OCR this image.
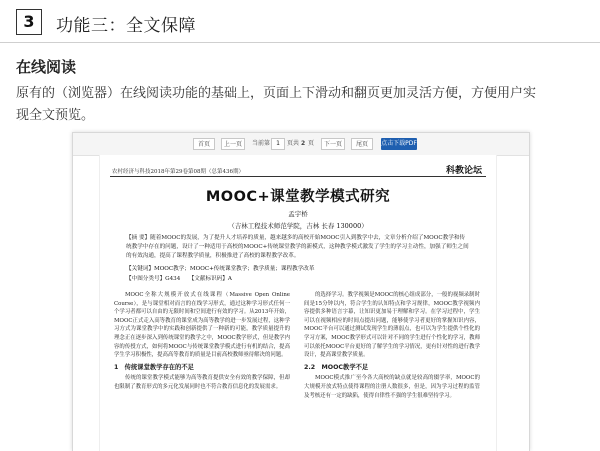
3	功能三：全文保障
在线阅读
原有的（浏览器）在线阅读功能的基础上，页面上下滑动和翻页更加灵活方便，方便用户实现全文预览。
首页	上一页	当前第	1	页共 2 页	下一页	尾页	点击下载PDF
农村经济与科技2018年第29卷第08期（总第436期）	科教论坛
MOOC+课堂教学模式研究
孟宇桥
（吉林工程技术师范学院，吉林 长春 130000）
【摘 要】随着MOOC的发展，为了提升人才培养的质量，越来越多的高校开始MOOC引入到教学中去，文章分析介绍了MOOC教学和传统教学中存在的问题，设计了一种适用于高校的MOOC+传统课堂教学的新模式，这种教学模式激发了学生的学习主动性，加强了师生之间的有效沟通，提高了课程教学质量，积极推进了高校的课程教学改革。
【关键词】MOOC教学；MOOC+传统课堂教学；教学质量；课程教学改革
【中图分类号】G434　　【文献标识码】A

MOOC全称大规模开放式在线课程（Massive Open Online Course），是与课堂相对而言的在线学习形式，通过这种学习形式任何一个学习者都可以自由的无限时间和空间进行有效的学习。从2013年开始，MOOC正式走入高等教育的课堂成为高等教学的进一步发展过程，这种学习方式为课堂教学中的实践和创新提供了一种新的可能，教学质量提升的理念正在逐步深入到传统课堂的教学之中，MOOC教学形式，但是教学内容的传授方式，如何将MOOC与传统课堂教学模式进行有机的结合，提高学生学习积极性，提高高等教育的质量是目前高校教师亟待解决的问题。

1　传统课堂教学存在的不足

传统的课堂教学模式能够为高等教育提供安全有效的教学保障，但却也限制了教育形式的多元化发展同时也不符合教育信息化的发展需求。

的选择学习。教学视频是MOOC的核心组成部分，一般的视频录制时间是15分钟以内，符合学生的认知特点和学习规律，MOOC教学视频内容提供多种语言字幕，让知识更加易于理解和学习。在学习过程中，学生可以在视频相应的时间点提出问题，能够使学习者更好的掌握知识内容，MOOC平台可以通过测试发现学生的薄弱点，也可以为学生提供个性化的学习方案，MOOC教学形式可以针对不同的学生进行个性化的学习，教师可以依托MOOC平台更好的了解学生的学习情况，更有针对性的进行教学设计，提高课堂教学质量。

2.2　MOOC教学不足

MOOC模式推广至今各大高校的缺点就是较高的辍学率，MOOC的大规模开放式特点使得课程的注册人数很多，但是，因为学习过程的监管及考核还有一定的缺陷，使得自律性不强的学生很难坚持学习。
